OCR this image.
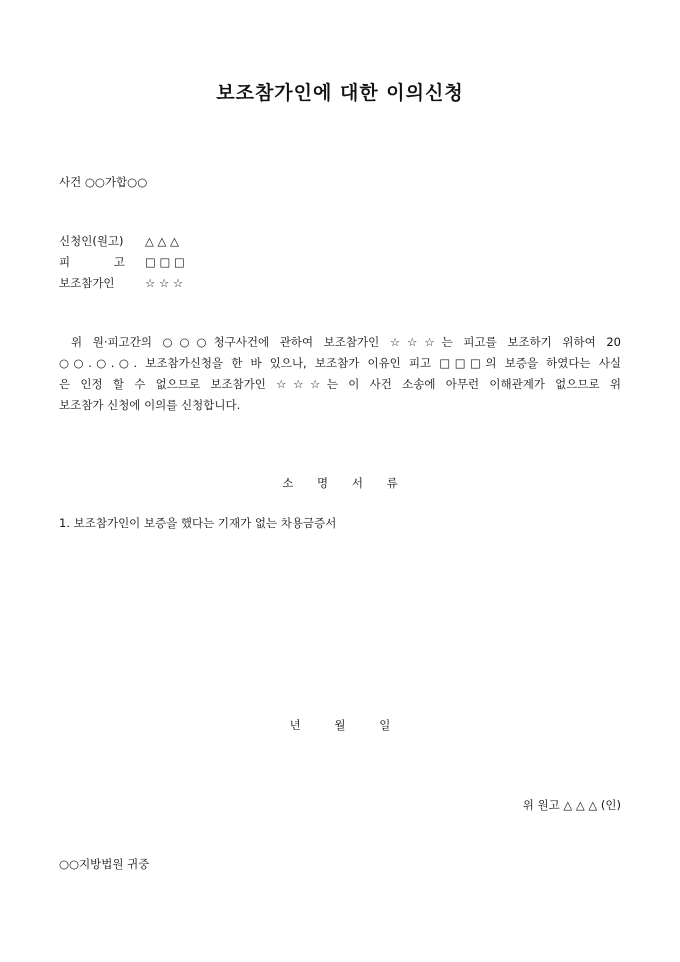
보조참가인에 대한 이의신청
사건 ○○가합○○
신청인(원고) △ △ △
피 고 □ □ □
보조참가인	☆ ☆ ☆
위 원·피고간의 ○○○청구사건에 관하여 보조참가인 ☆☆☆는 피고를 보조하기 위하여 20
○○.○.○. 보조참가신청을 한 바 있으나, 보조참가 이유인 피고 □□□의 보증을 하였다는 사실
은 인정 할 수 없으므로 보조참가인 ☆☆☆는 이 사건 소송에 아무런 이해관계가 없으므로 위
보조참가 신청에 이의를 신청합니다.
소 명 서 류
1. 보조참가인이 보증을 했다는 기재가 없는 차용금증서
년 월 일
위 원고 △ △ △ (인)
○○지방법원 귀중
